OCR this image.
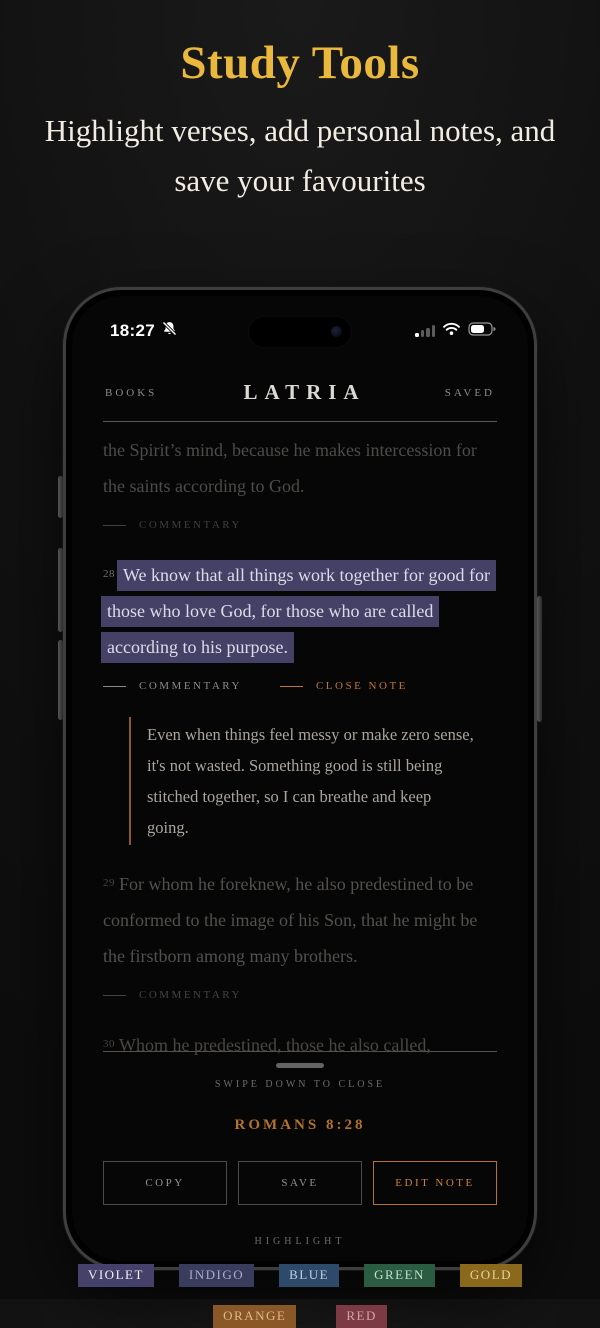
Study Tools
Highlight verses, add personal notes, and save your favourites
18:27
BOOKS	LATRIA	SAVED

the Spirit’s mind, because he makes intercession for the saints according to God.

COMMENTARY

$^{28}$ We know that all things work together for good for those who love God, for those who are called according to his purpose.

COMMENTARY	CLOSE NOTE
Even when things feel messy or make zero sense, it's not wasted. Something good is still being stitched together, so I can breathe and keep going.

$^{29}$ For whom he foreknew, he also predestined to be conformed to the image of his Son, that he might be the firstborn among many brothers.

COMMENTARY

$^{30}$ Whom he predestined, those he also called,

SWIPE DOWN TO CLOSE
ROMANS 8:28
COPY	SAVE	EDIT NOTE
HIGHLIGHT
VIOLET	INDIGO	BLUE	GREEN	GOLD
ORANGE	RED
